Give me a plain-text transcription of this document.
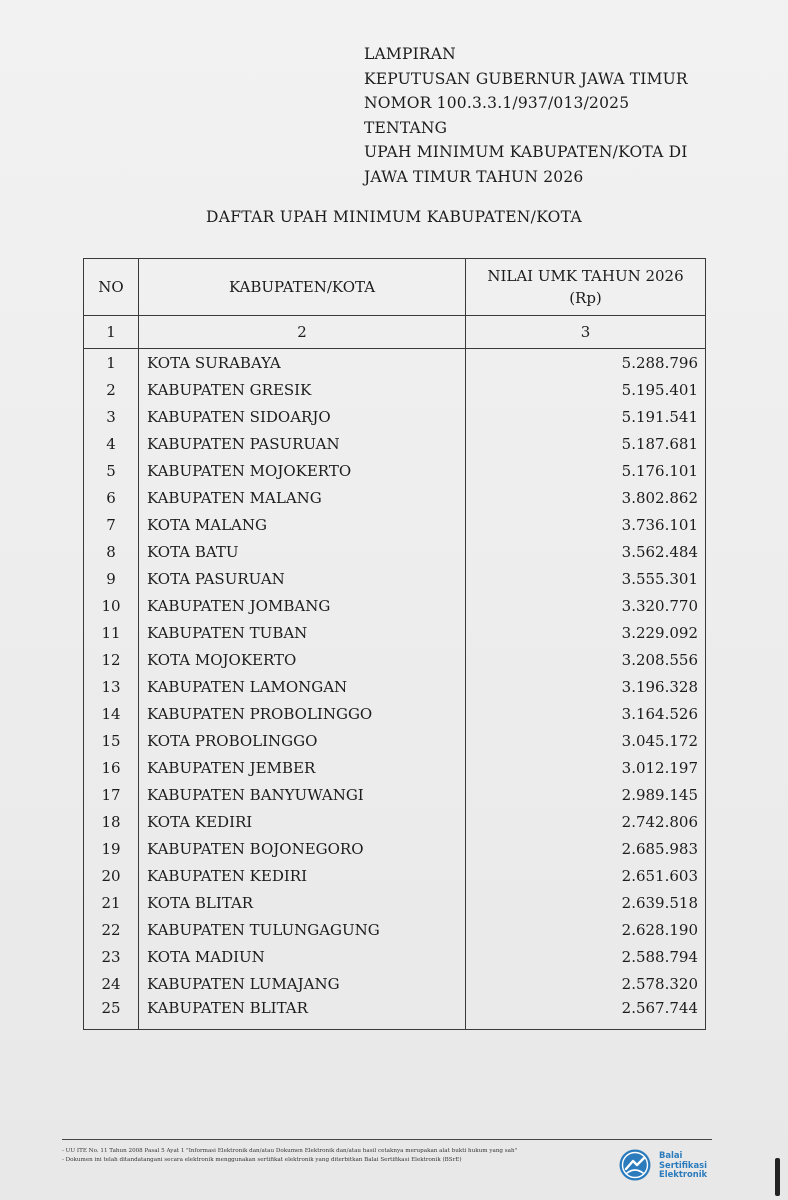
LAMPIRAN
KEPUTUSAN GUBERNUR JAWA TIMUR
NOMOR 100.3.3.1/937/013/2025
TENTANG
UPAH MINIMUM KABUPATEN/KOTA DI
JAWA TIMUR TAHUN 2026
DAFTAR UPAH MINIMUM KABUPATEN/KOTA
NO	KABUPATEN/KOTA	NILAI UMK TAHUN 2026
(Rp)

1	2	3
1	KOTA SURABAYA	5.288.796
2	KABUPATEN GRESIK	5.195.401
3	KABUPATEN SIDOARJO	5.191.541
4	KABUPATEN PASURUAN	5.187.681
5	KABUPATEN MOJOKERTO	5.176.101
6	KABUPATEN MALANG	3.802.862
7	KOTA MALANG	3.736.101
8	KOTA BATU	3.562.484
9	KOTA PASURUAN	3.555.301
10	KABUPATEN JOMBANG	3.320.770
11	KABUPATEN TUBAN	3.229.092
12	KOTA MOJOKERTO	3.208.556
13	KABUPATEN LAMONGAN	3.196.328
14	KABUPATEN PROBOLINGGO	3.164.526
15	KOTA PROBOLINGGO	3.045.172
16	KABUPATEN JEMBER	3.012.197
17	KABUPATEN BANYUWANGI	2.989.145
18	KOTA KEDIRI	2.742.806
19	KABUPATEN BOJONEGORO	2.685.983
20	KABUPATEN KEDIRI	2.651.603
21	KOTA BLITAR	2.639.518
22	KABUPATEN TULUNGAGUNG	2.628.190
23	KOTA MADIUN	2.588.794
24	KABUPATEN LUMAJANG	2.578.320
25	KABUPATEN BLITAR	2.567.744
- UU ITE No. 11 Tahun 2008 Pasal 5 Ayat 1 "Informasi Elektronik dan/atau Dokumen Elektronik dan/atau hasil cetaknya merupakan alat bukti hukum yang sah"
- Dokumen ini telah ditandatangani secara elektronik menggunakan sertifikat elektronik yang diterbitkan Balai Sertifikasi Elektronik (BSrE)	Balai
Sertifikasi
Elektronik
